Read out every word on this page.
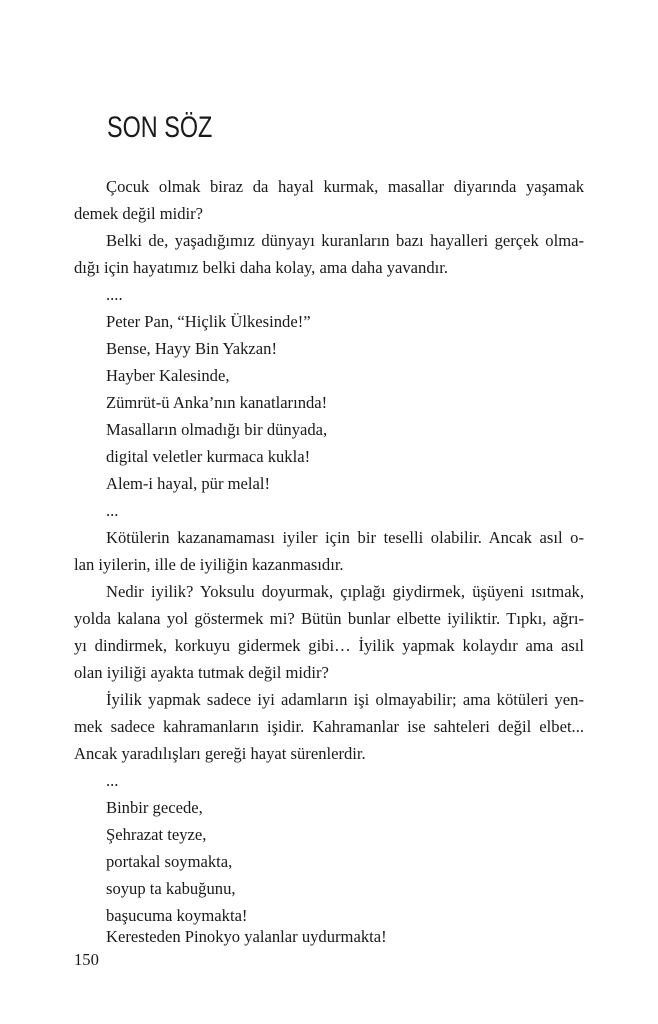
SON SÖZ

Çocuk olmak biraz da hayal kurmak, masallar diyarında yaşamak

demek değil midir?

Belki de, yaşadığımız dünyayı kuranların bazı hayalleri gerçek olma-

dığı için hayatımız belki daha kolay, ama daha yavandır.

....

Peter Pan, “Hiçlik Ülkesinde!”

Bense, Hayy Bin Yakzan!

Hayber Kalesinde,

Zümrüt-ü Anka’nın kanatlarında!

Masalların olmadığı bir dünyada,

digital veletler kurmaca kukla!

Alem-i hayal, pür melal!

...

Kötülerin kazanamaması iyiler için bir teselli olabilir. Ancak asıl o-

lan iyilerin, ille de iyiliğin kazanmasıdır.

Nedir iyilik? Yoksulu doyurmak, çıplağı giydirmek, üşüyeni ısıtmak,

yolda kalana yol göstermek mi? Bütün bunlar elbette iyiliktir. Tıpkı, ağrı-

yı dindirmek, korkuyu gidermek gibi… İyilik yapmak kolaydır ama asıl

olan iyiliği ayakta tutmak değil midir?

İyilik yapmak sadece iyi adamların işi olmayabilir; ama kötüleri yen-

mek sadece kahramanların işidir. Kahramanlar ise sahteleri değil elbet...

Ancak yaradılışları gereği hayat sürenlerdir.

...

Binbir gecede,

Şehrazat teyze,

portakal soymakta,

soyup ta kabuğunu,

başucuma koymakta!

Keresteden Pinokyo yalanlar uydurmakta!

150
